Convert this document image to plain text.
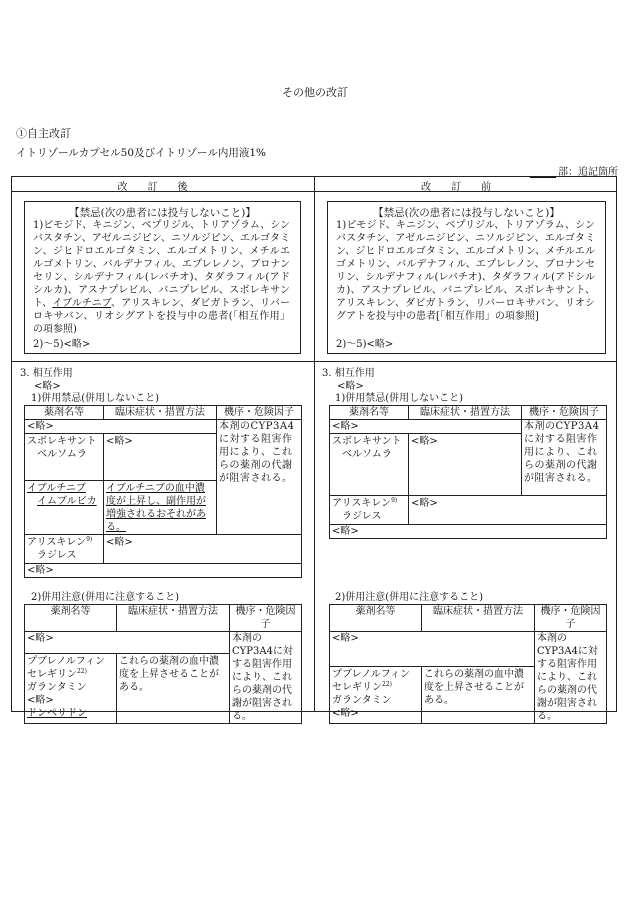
その他の改訂
①自主改訂
イトリゾールカプセル50及びイトリゾール内用液1%
部：追記箇所
改訂後	改訂前
【禁忌(次の患者には投与しないこと)】
1)ピモジド、キニジン、ベプリジル、トリアゾラム、シンバスタチン、アゼルニジピン、ニソルジピン、エルゴタミン、ジヒドロエルゴタミン、エルゴメトリン、メチルエルゴメトリン、バルデナフィル、エプレレノン、ブロナンセリン、シルデナフィル(レバチオ)、タダラフィル(アドシルカ)、アスナプレビル、バニプレビル、スボレキサント、イブルチニブ、アリスキレン、ダビガトラン、リバーロキサバン、リオシグアトを投与中の患者(「相互作用」の項参照)
2)〜5)<略>
【禁忌(次の患者には投与しないこと)】
1)ピモジド、キニジン、ベプリジル、トリアゾラム、シンバスタチン、アゼルニジピン、ニソルジピン、エルゴタミン、ジヒドロエルゴタミン、エルゴメトリン、メチルエルゴメトリン、バルデナフィル、エプレレノン、ブロナンセリン、シルデナフィル(レバチオ)、タダラフィル(アドシルカ)、アスナプレビル、バニプレビル、スボレキサント、アリスキレン、ダビガトラン、リバーロキサバン、リオシグアトを投与中の患者[「相互作用」の項参照]
2)〜5)<略>
3. 相互作用
<略>
1)併用禁忌(併用しないこと)
薬剤名等	臨床症状・措置方法	機序・危険因子
<略>		本剤のCYP3A4に対する阻害作用により、これらの薬剤の代謝が阻害される。
スボレキサント
ベルソムラ	<略>	
イブルチニブ
イムブルビカ	イブルチニブの血中濃度が上昇し、副作用が増強されるおそれがある。	
アリスキレン$^{9)}$
ラジレス	<略>	
<略>		
2)併用注意(併用に注意すること)
薬剤名等	臨床症状・措置方法	機序・危険因子
<略>		本剤のCYP3A4に対する阻害作用により、これらの薬剤の代謝が阻害される。

プブレノルフィン
セレギリン$^{22)}$
ガランタミン
<略>
ドンペリドン	これらの薬剤の血中濃度を上昇させることがある。	
3. 相互作用
<略>
1)併用禁忌(併用しないこと)
薬剤名等	臨床症状・措置方法	機序・危険因子
<略>		本剤のCYP3A4に対する阻害作用により、これらの薬剤の代謝が阻害される。
スボレキサント
ベルソムラ	<略>	
アリスキレン$^{9)}$
ラジレス	<略>	
<略>		
2)併用注意(併用に注意すること)
薬剤名等	臨床症状・措置方法	機序・危険因子
<略>		本剤のCYP3A4に対する阻害作用により、これらの薬剤の代謝が阻害される。

プブレノルフィン
セレギリン$^{22)}$
ガランタミン
<略>	これらの薬剤の血中濃度を上昇させることがある。	
